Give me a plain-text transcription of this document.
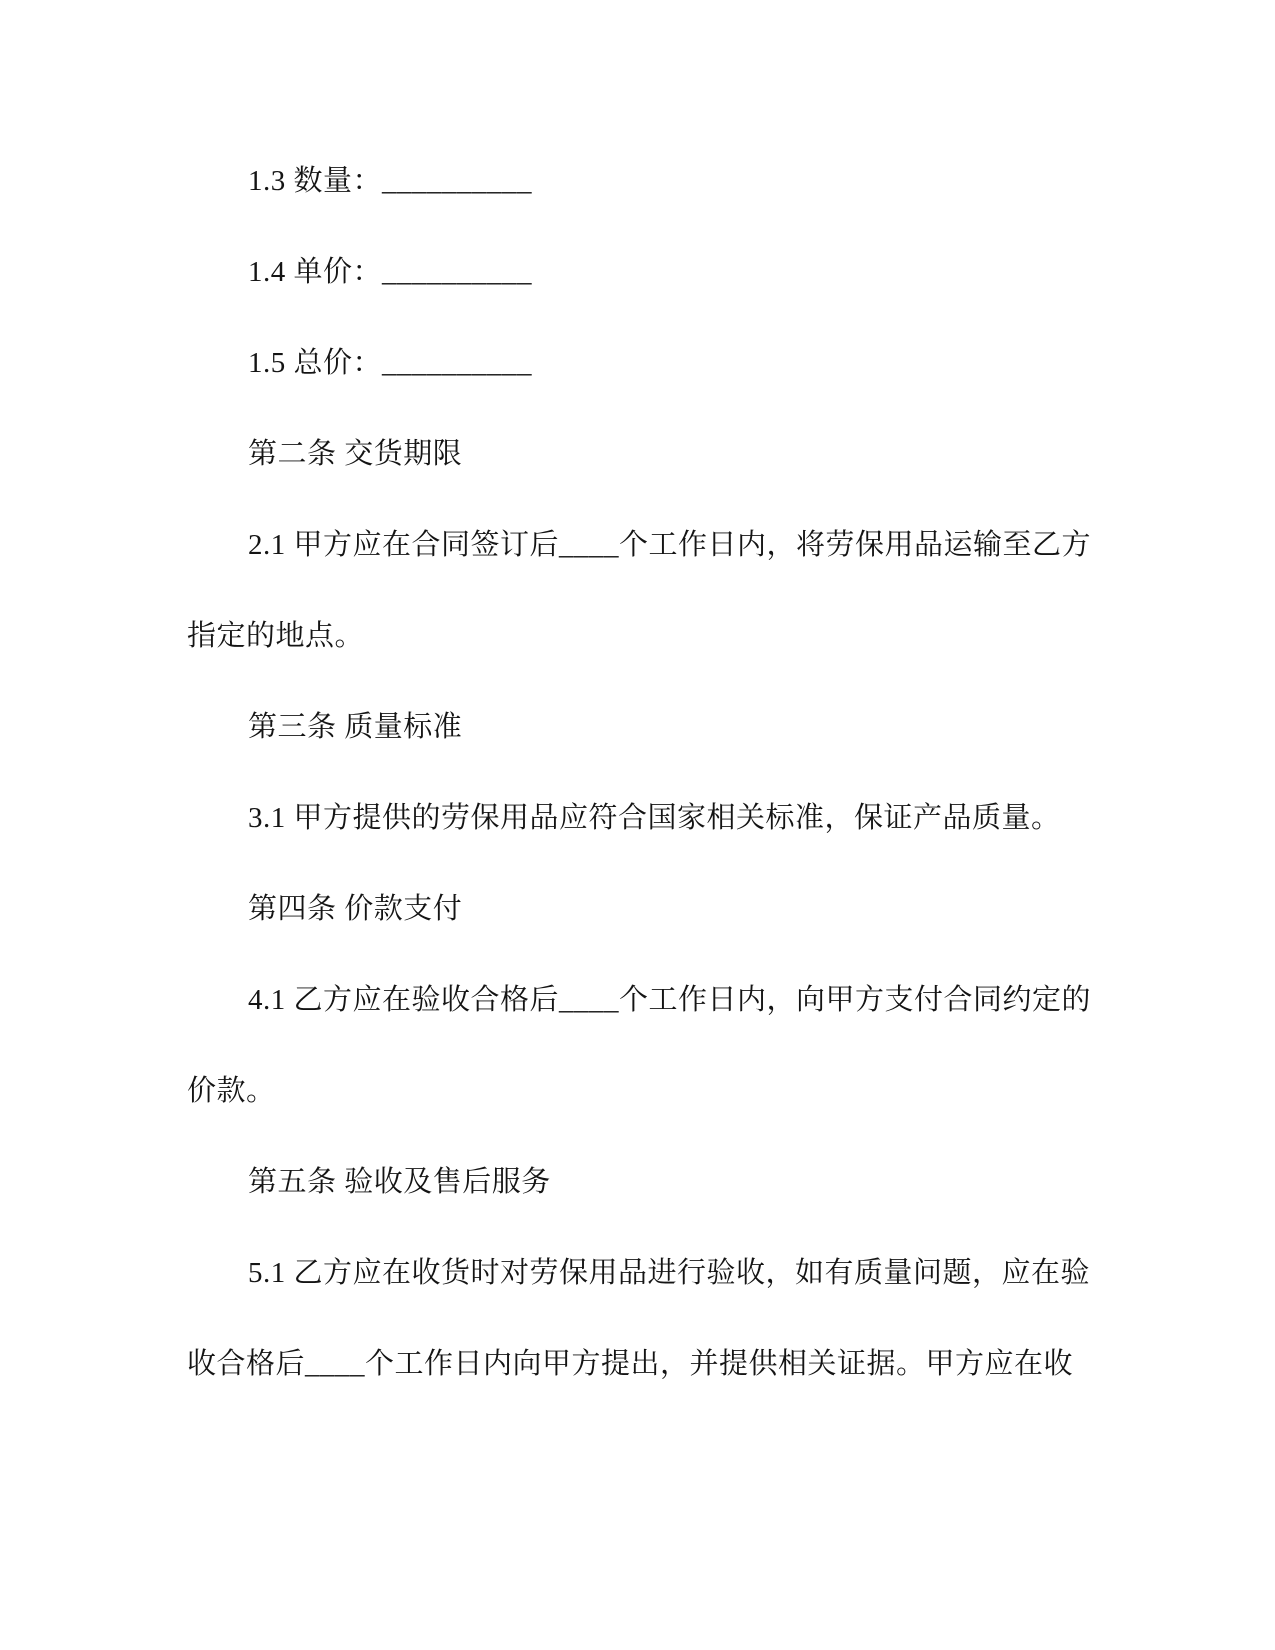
1.3 数量：__________

1.4 单价：__________

1.5 总价：__________

第二条 交货期限

2.1 甲方应在合同签订后____个工作日内，将劳保用品运输至乙方
指定的地点。

第三条 质量标准

3.1 甲方提供的劳保用品应符合国家相关标准，保证产品质量。

第四条 价款支付

4.1 乙方应在验收合格后____个工作日内，向甲方支付合同约定的
价款。

第五条 验收及售后服务

5.1 乙方应在收货时对劳保用品进行验收，如有质量问题，应在验
收合格后____个工作日内向甲方提出，并提供相关证据。甲方应在收
